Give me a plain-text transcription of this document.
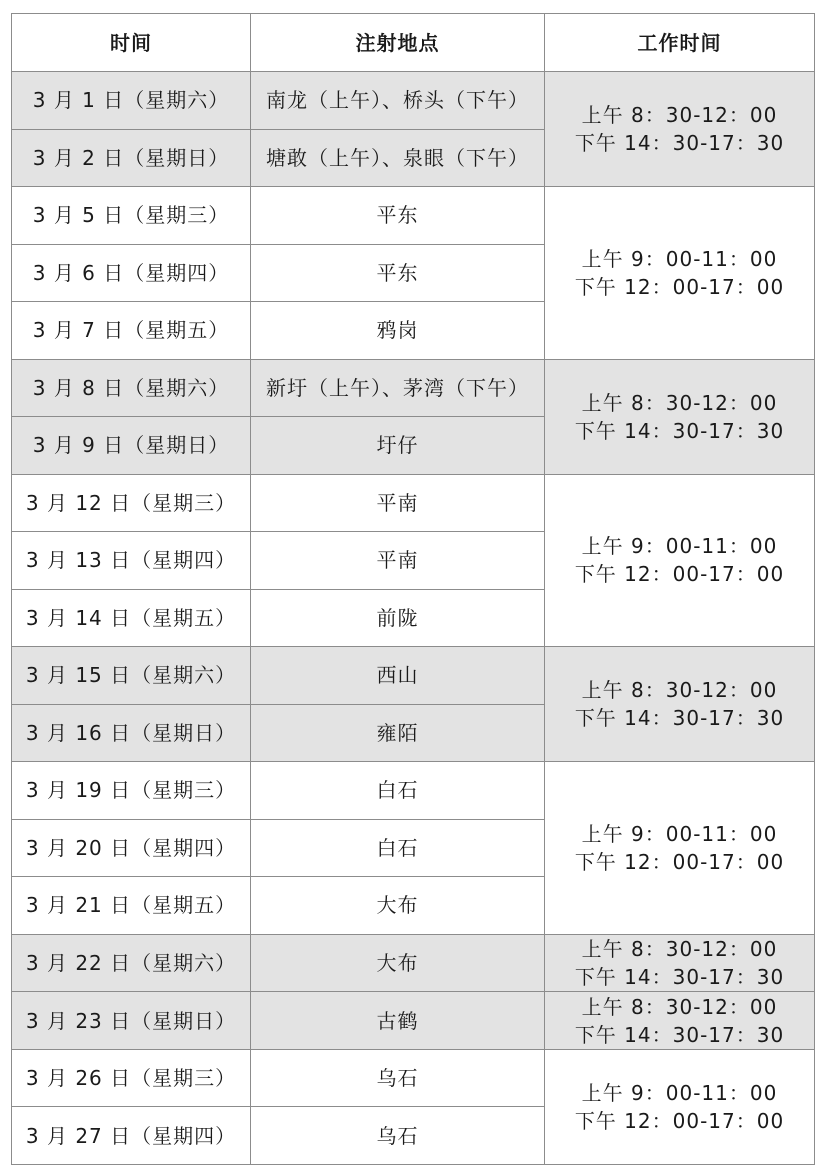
时间	注射地点	工作时间
3 月 1 日（星期六）	南龙（上午）、桥头（下午）	上午 8：30-12：00
下午 14：30-17：30

3 月 2 日（星期日）	塘敢（上午）、泉眼（下午）	
3 月 5 日（星期三）	平东	上午 9：00-11：00
下午 12：00-17：00

3 月 6 日（星期四）	平东	
3 月 7 日（星期五）	鸦岗	
3 月 8 日（星期六）	新圩（上午）、茅湾（下午）	上午 8：30-12：00
下午 14：30-17：30

3 月 9 日（星期日）	圩仔	
3 月 12 日（星期三）	平南	上午 9：00-11：00
下午 12：00-17：00

3 月 13 日（星期四）	平南	
3 月 14 日（星期五）	前陇	
3 月 15 日（星期六）	西山	上午 8：30-12：00
下午 14：30-17：30

3 月 16 日（星期日）	雍陌	
3 月 19 日（星期三）	白石	上午 9：00-11：00
下午 12：00-17：00

3 月 20 日（星期四）	白石	
3 月 21 日（星期五）	大布	
3 月 22 日（星期六）	大布	上午 8：30-12：00
下午 14：30-17：30

3 月 23 日（星期日）	古鹤	上午 8：30-12：00
下午 14：30-17：30

3 月 26 日（星期三）	乌石	上午 9：00-11：00
下午 12：00-17：00

3 月 27 日（星期四）	乌石	
